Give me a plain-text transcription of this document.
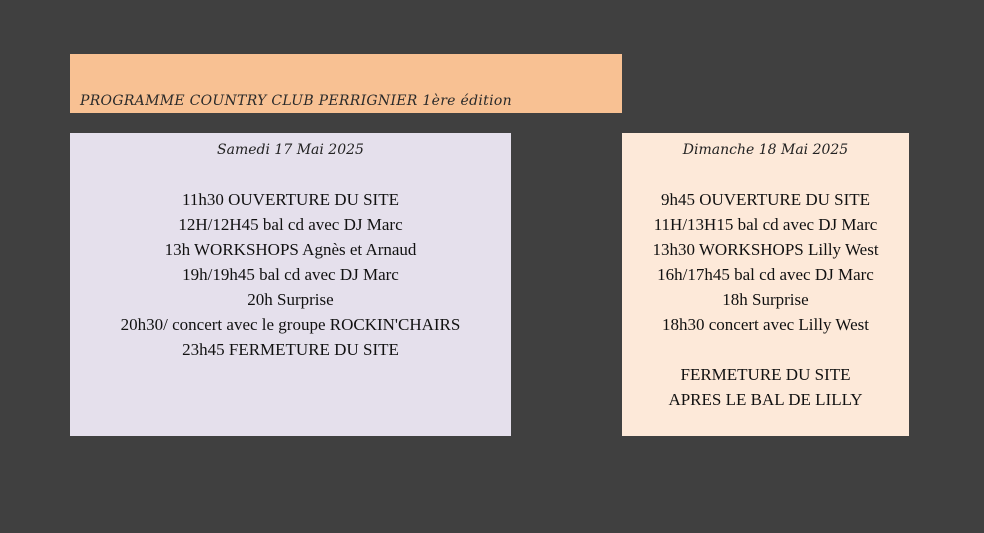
PROGRAMME COUNTRY CLUB PERRIGNIER 1ère édition
Samedi 17 Mai 2025
11h30 OUVERTURE DU SITE
12H/12H45 bal cd avec DJ Marc
13h WORKSHOPS Agnès et Arnaud
19h/19h45 bal cd avec DJ Marc
20h Surprise
20h30/ concert avec le groupe ROCKIN'CHAIRS
23h45 FERMETURE DU SITE
Dimanche 18 Mai 2025
9h45 OUVERTURE DU SITE
11H/13H15 bal cd avec DJ Marc
13h30 WORKSHOPS Lilly West
16h/17h45 bal cd avec DJ Marc
18h Surprise
18h30 concert avec Lilly West
FERMETURE DU SITE
APRES LE BAL DE LILLY
